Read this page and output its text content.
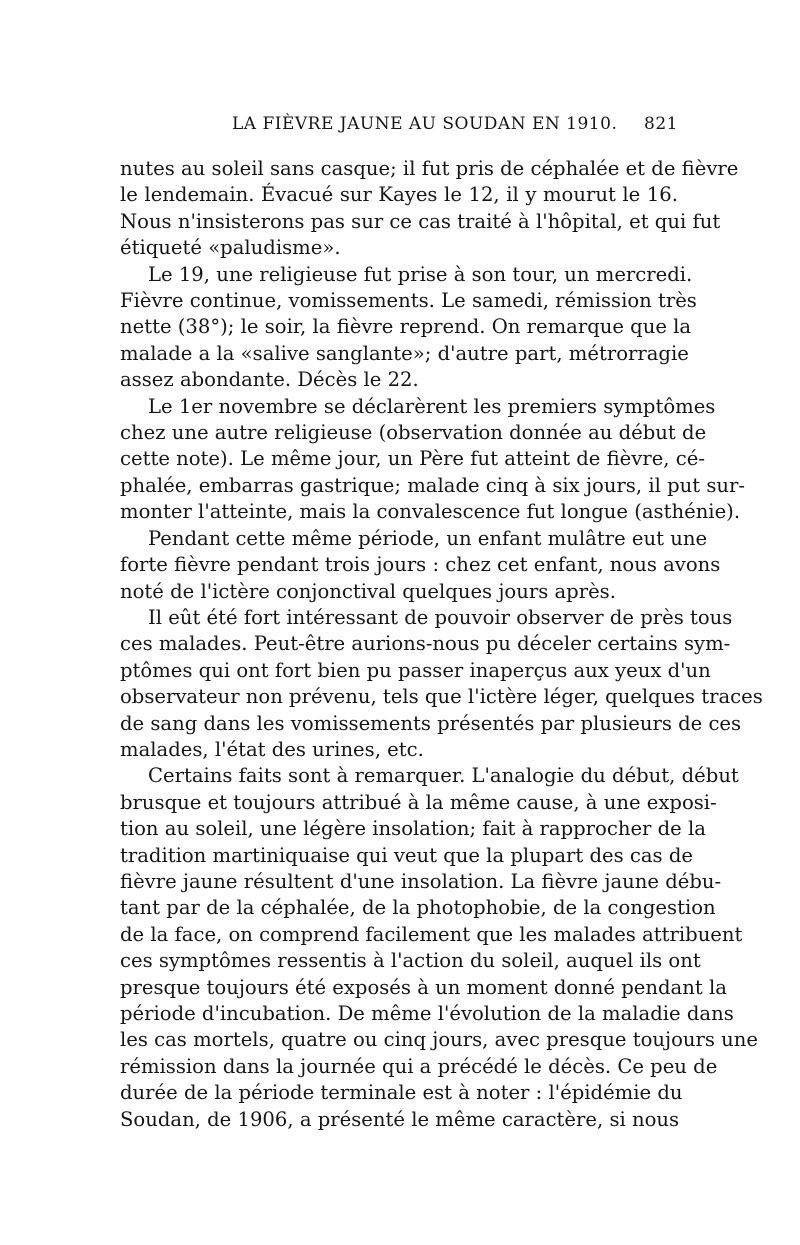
LA FIÈVRE JAUNE AU SOUDAN EN 1910. 821
nutes au soleil sans casque; il fut pris de céphalée et de fièvre
le lendemain. Évacué sur Kayes le 12, il y mourut le 16.
Nous n'insisterons pas sur ce cas traité à l'hôpital, et qui fut
étiqueté «paludisme».
Le 19, une religieuse fut prise à son tour, un mercredi.
Fièvre continue, vomissements. Le samedi, rémission très
nette (38°); le soir, la fièvre reprend. On remarque que la
malade a la «salive sanglante»; d'autre part, métrorragie
assez abondante. Décès le 22.
Le 1er novembre se déclarèrent les premiers symptômes
chez une autre religieuse (observation donnée au début de
cette note). Le même jour, un Père fut atteint de fièvre, cé-
phalée, embarras gastrique; malade cinq à six jours, il put sur-
monter l'atteinte, mais la convalescence fut longue (asthénie).
Pendant cette même période, un enfant mulâtre eut une
forte fièvre pendant trois jours : chez cet enfant, nous avons
noté de l'ictère conjonctival quelques jours après.
Il eût été fort intéressant de pouvoir observer de près tous
ces malades. Peut-être aurions-nous pu déceler certains sym-
ptômes qui ont fort bien pu passer inaperçus aux yeux d'un
observateur non prévenu, tels que l'ictère léger, quelques traces
de sang dans les vomissements présentés par plusieurs de ces
malades, l'état des urines, etc.
Certains faits sont à remarquer. L'analogie du début, début
brusque et toujours attribué à la même cause, à une exposi-
tion au soleil, une légère insolation; fait à rapprocher de la
tradition martiniquaise qui veut que la plupart des cas de
fièvre jaune résultent d'une insolation. La fièvre jaune débu-
tant par de la céphalée, de la photophobie, de la congestion
de la face, on comprend facilement que les malades attribuent
ces symptômes ressentis à l'action du soleil, auquel ils ont
presque toujours été exposés à un moment donné pendant la
période d'incubation. De même l'évolution de la maladie dans
les cas mortels, quatre ou cinq jours, avec presque toujours une
rémission dans la journée qui a précédé le décès. Ce peu de
durée de la période terminale est à noter : l'épidémie du
Soudan, de 1906, a présenté le même caractère, si nous
